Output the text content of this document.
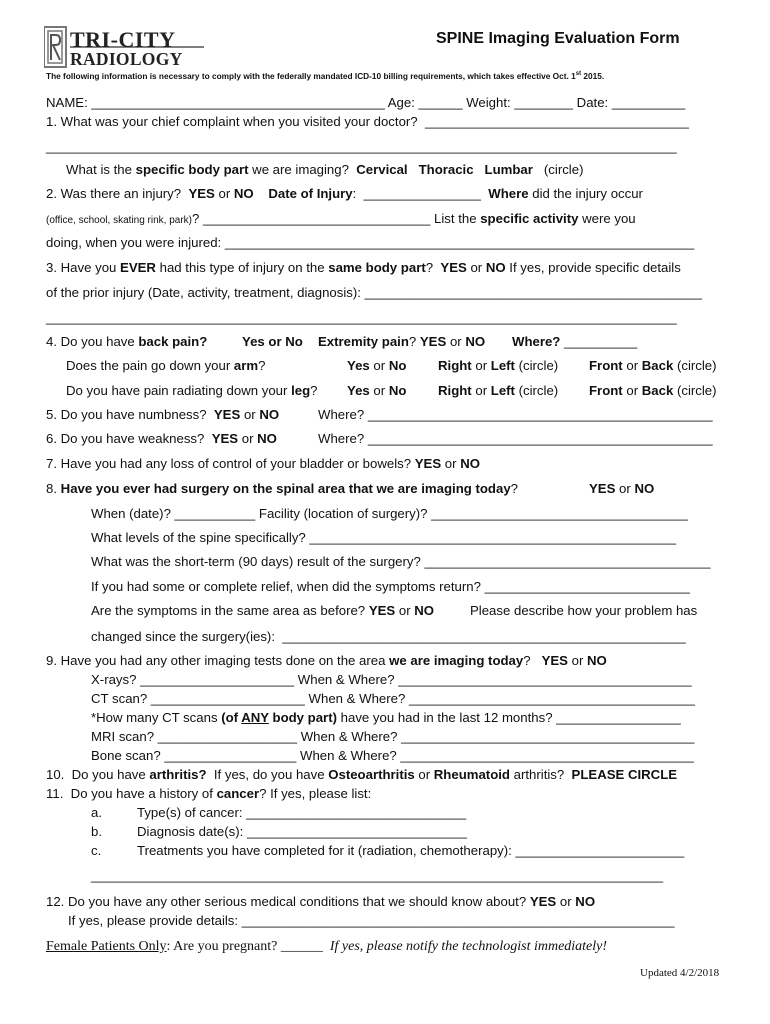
TRI-CITY
RADIOLOGY
SPINE Imaging Evaluation Form
The following information is necessary to comply with the federally mandated ICD-10 billing requirements, which takes effective Oct. 1st 2015.
NAME: ________________________________________ Age: ______ Weight: ________ Date: __________
1. What was your chief complaint when you visited your doctor?  ____________________________________
______________________________________________________________________________________
What is the specific body part we are imaging?  Cervical   Thoracic   Lumbar   (circle)
2. Was there an injury?  YES or NO Date of Injury:  ________________  Where did the injury occur
(office, school, skating rink, park)? _______________________________ List the specific activity were you
doing, when you were injured: ________________________________________________________________
3. Have you EVER had this type of injury on the same body part?  YES or NO If yes, provide specific details
of the prior injury (Date, activity, treatment, diagnosis): ______________________________________________
______________________________________________________________________________________
4. Do you have back pain?	Yes or No Extremity pain? YES or NO Where? __________
Does the pain go down your arm?	Yes or No Right or Left (circle) Front or Back (circle)
Do you have pain radiating down your leg? Yes or No Right or Left (circle) Front or Back (circle)
5. Do you have numbness?  YES or NO	Where? _______________________________________________
6. Do you have weakness?  YES or NO	Where? _______________________________________________
7. Have you had any loss of control of your bladder or bowels? YES or NO
8. Have you ever had surgery on the spinal area that we are imaging today?	YES or NO
When (date)? ___________ Facility (location of surgery)? ___________________________________
What levels of the spine specifically? __________________________________________________
What was the short-term (90 days) result of the surgery? _______________________________________
If you had some or complete relief, when did the symptoms return? ____________________________
Are the symptoms in the same area as before? YES or NO	Please describe how your problem has
changed since the surgery(ies):  _______________________________________________________
9. Have you had any other imaging tests done on the area we are imaging today?   YES or NO
X-rays? _____________________ When & Where? ________________________________________
CT scan? _____________________ When & Where? _______________________________________
*How many CT scans (of ANY body part) have you had in the last 12 months? _________________
MRI scan? ___________________ When & Where? ________________________________________
Bone scan? __________________ When & Where? ________________________________________
10.  Do you have arthritis?  If yes, do you have Osteoarthritis or Rheumatoid arthritis?  PLEASE CIRCLE
11.  Do you have a history of cancer? If yes, please list:
a.	Type(s) of cancer: ______________________________
b.	Diagnosis date(s): ______________________________
c.	Treatments you have completed for it (radiation, chemotherapy): _______________________
______________________________________________________________________________
12. Do you have any other serious medical conditions that we should know about? YES or NO
If yes, please provide details: ___________________________________________________________
Female Patients Only: Are you pregnant? ______  If yes, please notify the technologist immediately!
Updated 4/2/2018
